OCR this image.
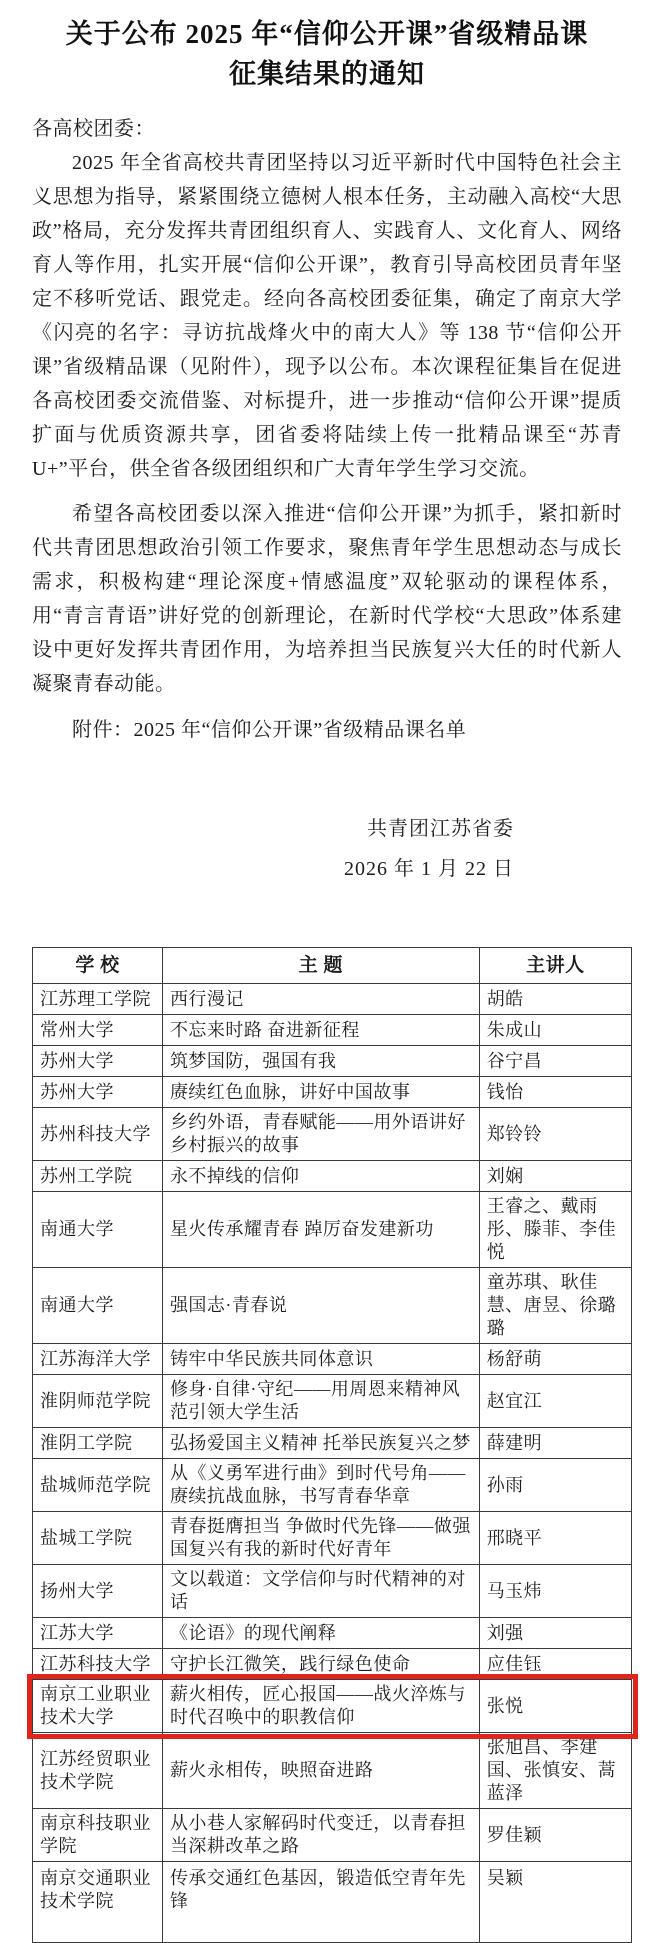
关于公布 2025 年“信仰公开课”省级精品课
征集结果的通知
各高校团委：

2025 年全省高校共青团坚持以习近平新时代中国特色社会主义思想为指导，紧紧围绕立德树人根本任务，主动融入高校“大思政”格局，充分发挥共青团组织育人、实践育人、文化育人、网络育人等作用，扎实开展“信仰公开课”，教育引导高校团员青年坚定不移听党话、跟党走。经向各高校团委征集，确定了南京大学《闪亮的名字：寻访抗战烽火中的南大人》等 138 节“信仰公开课”省级精品课（见附件），现予以公布。本次课程征集旨在促进各高校团委交流借鉴、对标提升，进一步推动“信仰公开课”提质扩面与优质资源共享，团省委将陆续上传一批精品课至“苏青 U+”平台，供全省各级团组织和广大青年学生学习交流。

希望各高校团委以深入推进“信仰公开课”为抓手，紧扣新时代共青团思想政治引领工作要求，聚焦青年学生思想动态与成长需求，积极构建“理论深度+情感温度”双轮驱动的课程体系，用“青言青语”讲好党的创新理论，在新时代学校“大思政”体系建设中更好发挥共青团作用，为培养担当民族复兴大任的时代新人凝聚青春动能。

附件：2025 年“信仰公开课”省级精品课名单
共青团江苏省委
2026 年 1 月 22 日
学 校	主 题	主讲人
江苏理工学院	西行漫记	胡皓
常州大学	不忘来时路 奋进新征程	朱成山
苏州大学	筑梦国防，强国有我	谷宁昌
苏州大学	赓续红色血脉，讲好中国故事	钱怡
苏州科技大学	乡约外语，青春赋能——用外语讲好乡村振兴的故事	郑铃铃
苏州工学院	永不掉线的信仰	刘娴
南通大学	星火传承耀青春 踔厉奋发建新功	王睿之、戴雨彤、滕菲、李佳悦
南通大学	强国志·青春说	童苏琪、耿佳慧、唐昱、徐璐璐
江苏海洋大学	铸牢中华民族共同体意识	杨舒萌
淮阴师范学院	修身·自律·守纪——用周恩来精神风范引领大学生活	赵宜江
淮阴工学院	弘扬爱国主义精神 托举民族复兴之梦	薛建明
盐城师范学院	从《义勇军进行曲》到时代号角——赓续抗战血脉，书写青春华章	孙雨
盐城工学院	青春挺膺担当 争做时代先锋——做强国复兴有我的新时代好青年	邢晓平
扬州大学	文以载道：文学信仰与时代精神的对话	马玉炜
江苏大学	《论语》的现代阐释	刘强
江苏科技大学	守护长江微笑，践行绿色使命	应佳钰
南京工业职业技术大学	薪火相传，匠心报国——战火淬炼与时代召唤中的职教信仰	张悦
江苏经贸职业技术学院	薪火永相传，映照奋进路	张旭昌、李建国、张慎安、蒿蓝泽
南京科技职业学院	从小巷人家解码时代变迁，以青春担当深耕改革之路	罗佳颖
南京交通职业技术学院	传承交通红色基因，锻造低空青年先锋	吴颖
